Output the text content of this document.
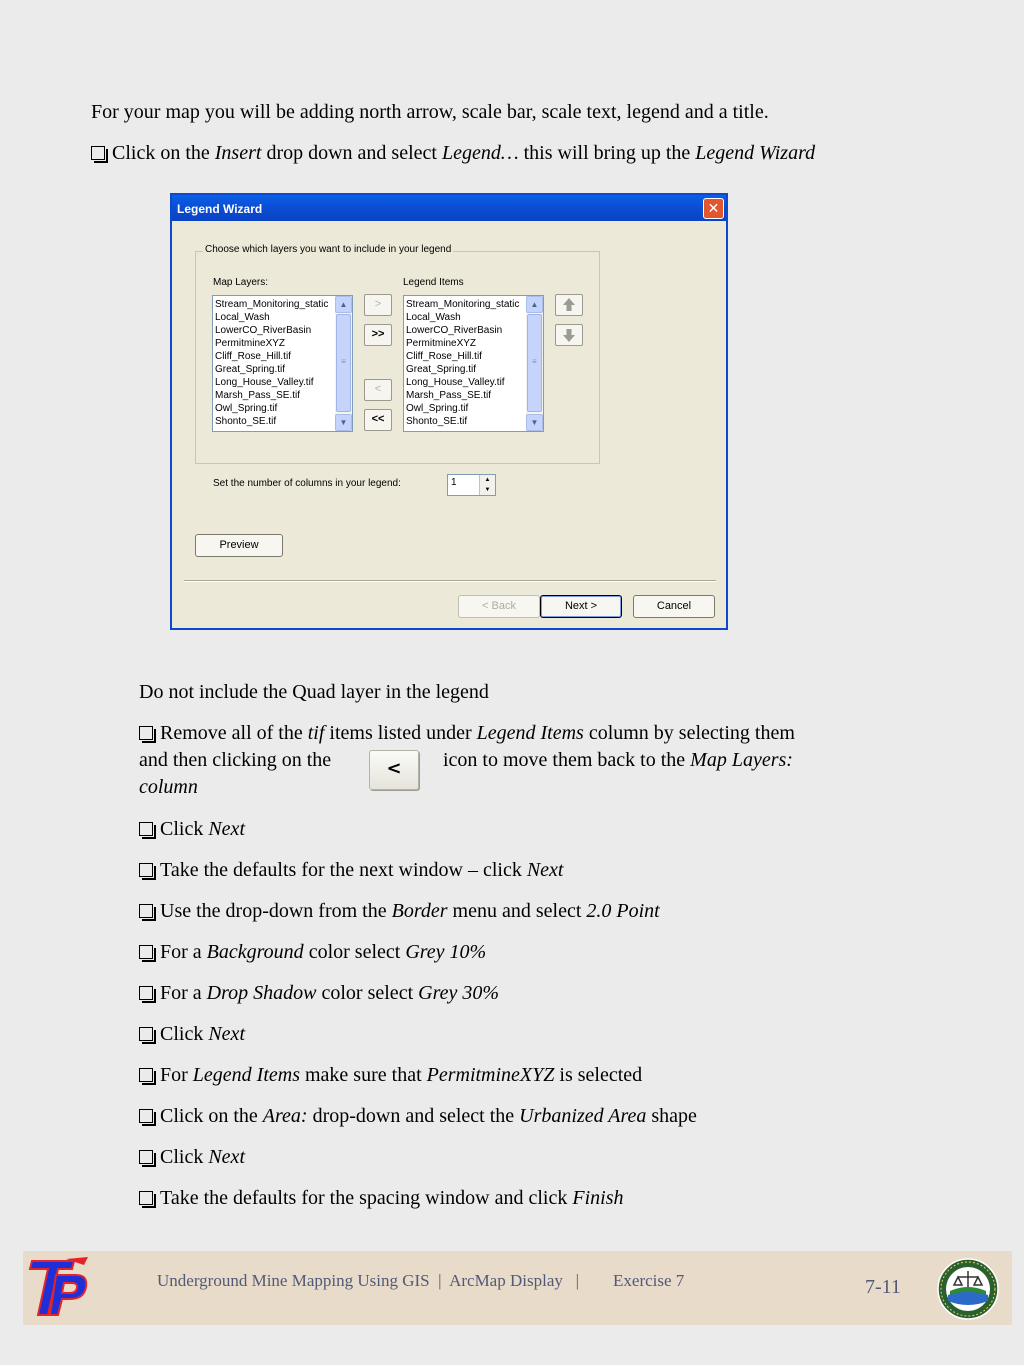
For your map you will be adding north arrow, scale bar, scale text, legend and a title.
Click on the Insert drop down and select Legend… this will bring up the Legend Wizard
Legend Wizard	✕
Choose which layers you want to include in your legend
Map Layers:	Legend Items
Stream_Monitoring_static
Local_Wash
LowerCO_RiverBasin
PermitmineXYZ
Cliff_Rose_Hill.tif
Great_Spring.tif
Long_House_Valley.tif
Marsh_Pass_SE.tif
Owl_Spring.tif
Shonto_SE.tif
▲
≡
▼
Stream_Monitoring_static
Local_Wash
LowerCO_RiverBasin
PermitmineXYZ
Cliff_Rose_Hill.tif
Great_Spring.tif
Long_House_Valley.tif
Marsh_Pass_SE.tif
Owl_Spring.tif
Shonto_SE.tif
▲
≡
▼
>
>>
<
<<
Set the number of columns in your legend:	1	▲
▼
Preview
< Back	Next >	Cancel
Do not include the Quad layer in the legend
Remove all of the tif items listed under Legend Items column by selecting them
and then clicking on the	icon to move them back to the Map Layers:
column
<
Click Next
Take the defaults for the next window – click Next
Use the drop-down from the Border menu and select 2.0 Point
For a Background color select Grey 10%
For a Drop Shadow color select Grey 30%
Click Next
For Legend Items make sure that PermitmineXYZ is selected
Click on the Area: drop-down and select the Urbanized Area shape
Click Next
Take the defaults for the spacing window and click Finish
Underground Mine Mapping Using GIS  |  ArcMap Display   |        Exercise 7	7-11
